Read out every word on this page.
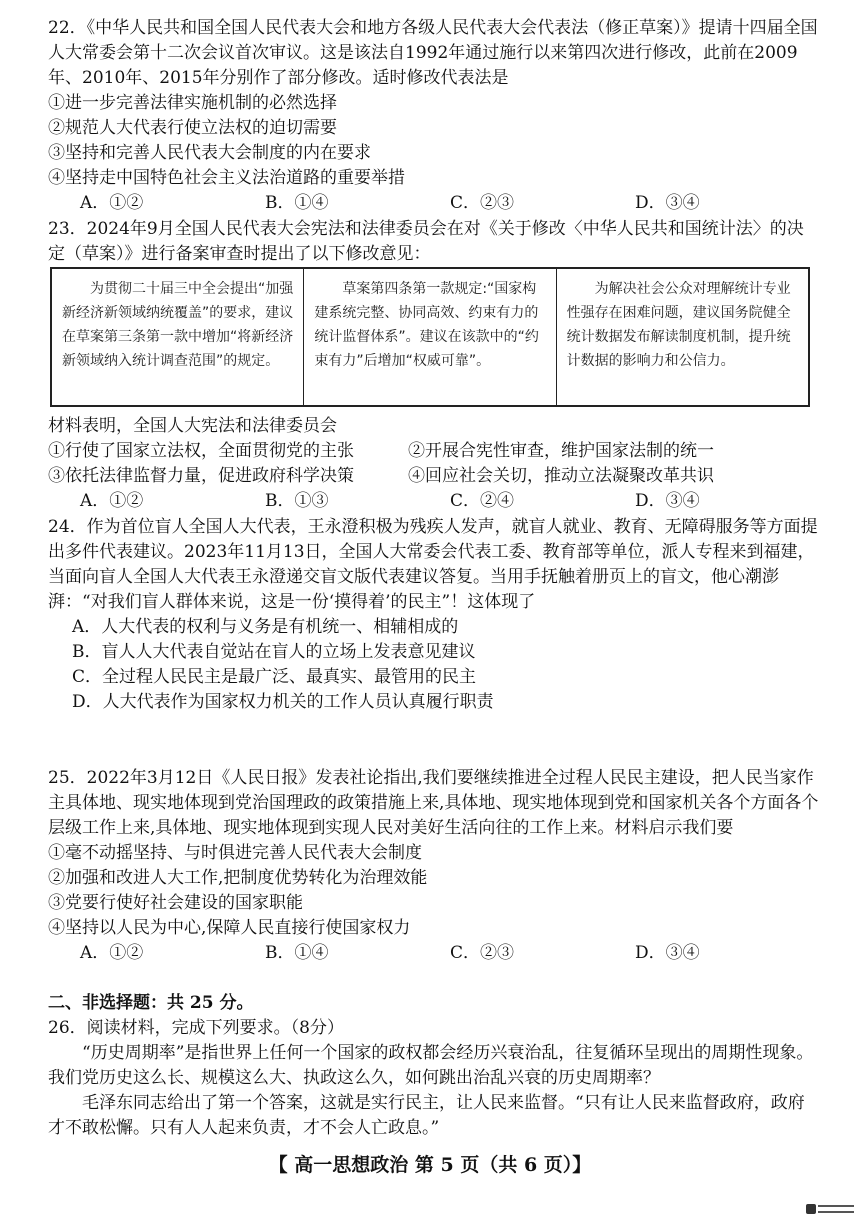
22．《中华人民共和国全国人民代表大会和地方各级人民代表大会代表法（修正草案）》提请十四届全国人大常委会第十二次会议首次审议。这是该法自1992年通过施行以来第四次进行修改，此前在2009年、2010年、2015年分别作了部分修改。适时修改代表法是

①进一步完善法律实施机制的必然选择
②规范人大代表行使立法权的迫切需要
③坚持和完善人民代表大会制度的内在要求
④坚持走中国特色社会主义法治道路的重要举措
A．①②	B．①④	C．②③	D．③④

23．2024年9月全国人民代表大会宪法和法律委员会在对《关于修改〈中华人民共和国统计法〉的决定（草案）》进行备案审查时提出了以下修改意见：

为贯彻二十届三中全会提出“加强新经济新领域纳统覆盖”的要求，建议在草案第三条第一款中增加“将新经济新领域纳入统计调查范围”的规定。
草案第四条第一款规定:“国家构建系统完整、协同高效、约束有力的统计监督体系”。建议在该款中的“约束有力”后增加“权威可靠”。
为解决社会公众对理解统计专业性强存在困难问题，建议国务院健全统计数据发布解读制度机制，提升统计数据的影响力和公信力。
材料表明，全国人大宪法和法律委员会
①行使了国家立法权，全面贯彻党的主张	②开展合宪性审查，维护国家法制的统一
③依托法律监督力量，促进政府科学决策	④回应社会关切，推动立法凝聚改革共识
A．①②	B．①③	C．②④	D．③④

24．作为首位盲人全国人大代表，王永澄积极为残疾人发声，就盲人就业、教育、无障碍服务等方面提出多件代表建议。2023年11月13日，全国人大常委会代表工委、教育部等单位，派人专程来到福建，当面向盲人全国人大代表王永澄递交盲文版代表建议答复。当用手抚触着册页上的盲文，他心潮澎湃：“对我们盲人群体来说，这是一份‘摸得着’的民主”！这体现了

A．人大代表的权利与义务是有机统一、相辅相成的
B．盲人人大代表自觉站在盲人的立场上发表意见建议
C．全过程人民民主是最广泛、最真实、最管用的民主
D．人大代表作为国家权力机关的工作人员认真履行职责

25．2022年3月12日《人民日报》发表社论指出,我们要继续推进全过程人民民主建设，把人民当家作主具体地、现实地体现到党治国理政的政策措施上来,具体地、现实地体现到党和国家机关各个方面各个层级工作上来,具体地、现实地体现到实现人民对美好生活向往的工作上来。材料启示我们要

①毫不动摇坚持、与时俱进完善人民代表大会制度
②加强和改进人大工作,把制度优势转化为治理效能
③党要行使好社会建设的国家职能
④坚持以人民为中心,保障人民直接行使国家权力
A．①②	B．①④	C．②③	D．③④
二、非选择题：共 25 分。
26．阅读材料，完成下列要求。（8分）

“历史周期率”是指世界上任何一个国家的政权都会经历兴衰治乱，往复循环呈现出的周期性现象。我们党历史这么长、规模这么大、执政这么久，如何跳出治乱兴衰的历史周期率？

毛泽东同志给出了第一个答案，这就是实行民主，让人民来监督。“只有让人民来监督政府，政府才不敢松懈。只有人人起来负责，才不会人亡政息。”

【 高一思想政治 第 5 页（共 6 页）】
